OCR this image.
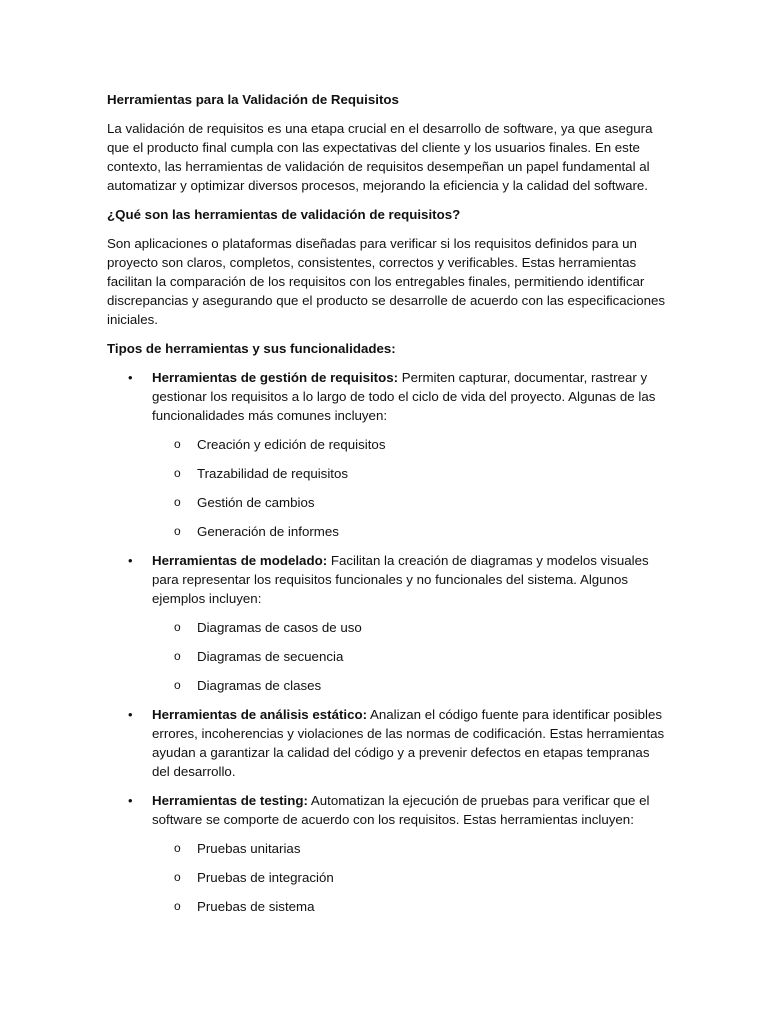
Herramientas para la Validación de Requisitos

La validación de requisitos es una etapa crucial en el desarrollo de software, ya que asegura que el producto final cumpla con las expectativas del cliente y los usuarios finales. En este contexto, las herramientas de validación de requisitos desempeñan un papel fundamental al automatizar y optimizar diversos procesos, mejorando la eficiencia y la calidad del software.

¿Qué son las herramientas de validación de requisitos?

Son aplicaciones o plataformas diseñadas para verificar si los requisitos definidos para un proyecto son claros, completos, consistentes, correctos y verificables. Estas herramientas facilitan la comparación de los requisitos con los entregables finales, permitiendo identificar discrepancias y asegurando que el producto se desarrolle de acuerdo con las especificaciones iniciales.

Tipos de herramientas y sus funcionalidades:

• Herramientas de gestión de requisitos: Permiten capturar, documentar, rastrear y gestionar los requisitos a lo largo de todo el ciclo de vida del proyecto. Algunas de las funcionalidades más comunes incluyen:
o Creación y edición de requisitos
o Trazabilidad de requisitos
o Gestión de cambios
o Generación de informes
• Herramientas de modelado: Facilitan la creación de diagramas y modelos visuales para representar los requisitos funcionales y no funcionales del sistema. Algunos ejemplos incluyen:
o Diagramas de casos de uso
o Diagramas de secuencia
o Diagramas de clases
• Herramientas de análisis estático: Analizan el código fuente para identificar posibles errores, incoherencias y violaciones de las normas de codificación. Estas herramientas ayudan a garantizar la calidad del código y a prevenir defectos en etapas tempranas del desarrollo.
• Herramientas de testing: Automatizan la ejecución de pruebas para verificar que el software se comporte de acuerdo con los requisitos. Estas herramientas incluyen:
o Pruebas unitarias
o Pruebas de integración
o Pruebas de sistema
